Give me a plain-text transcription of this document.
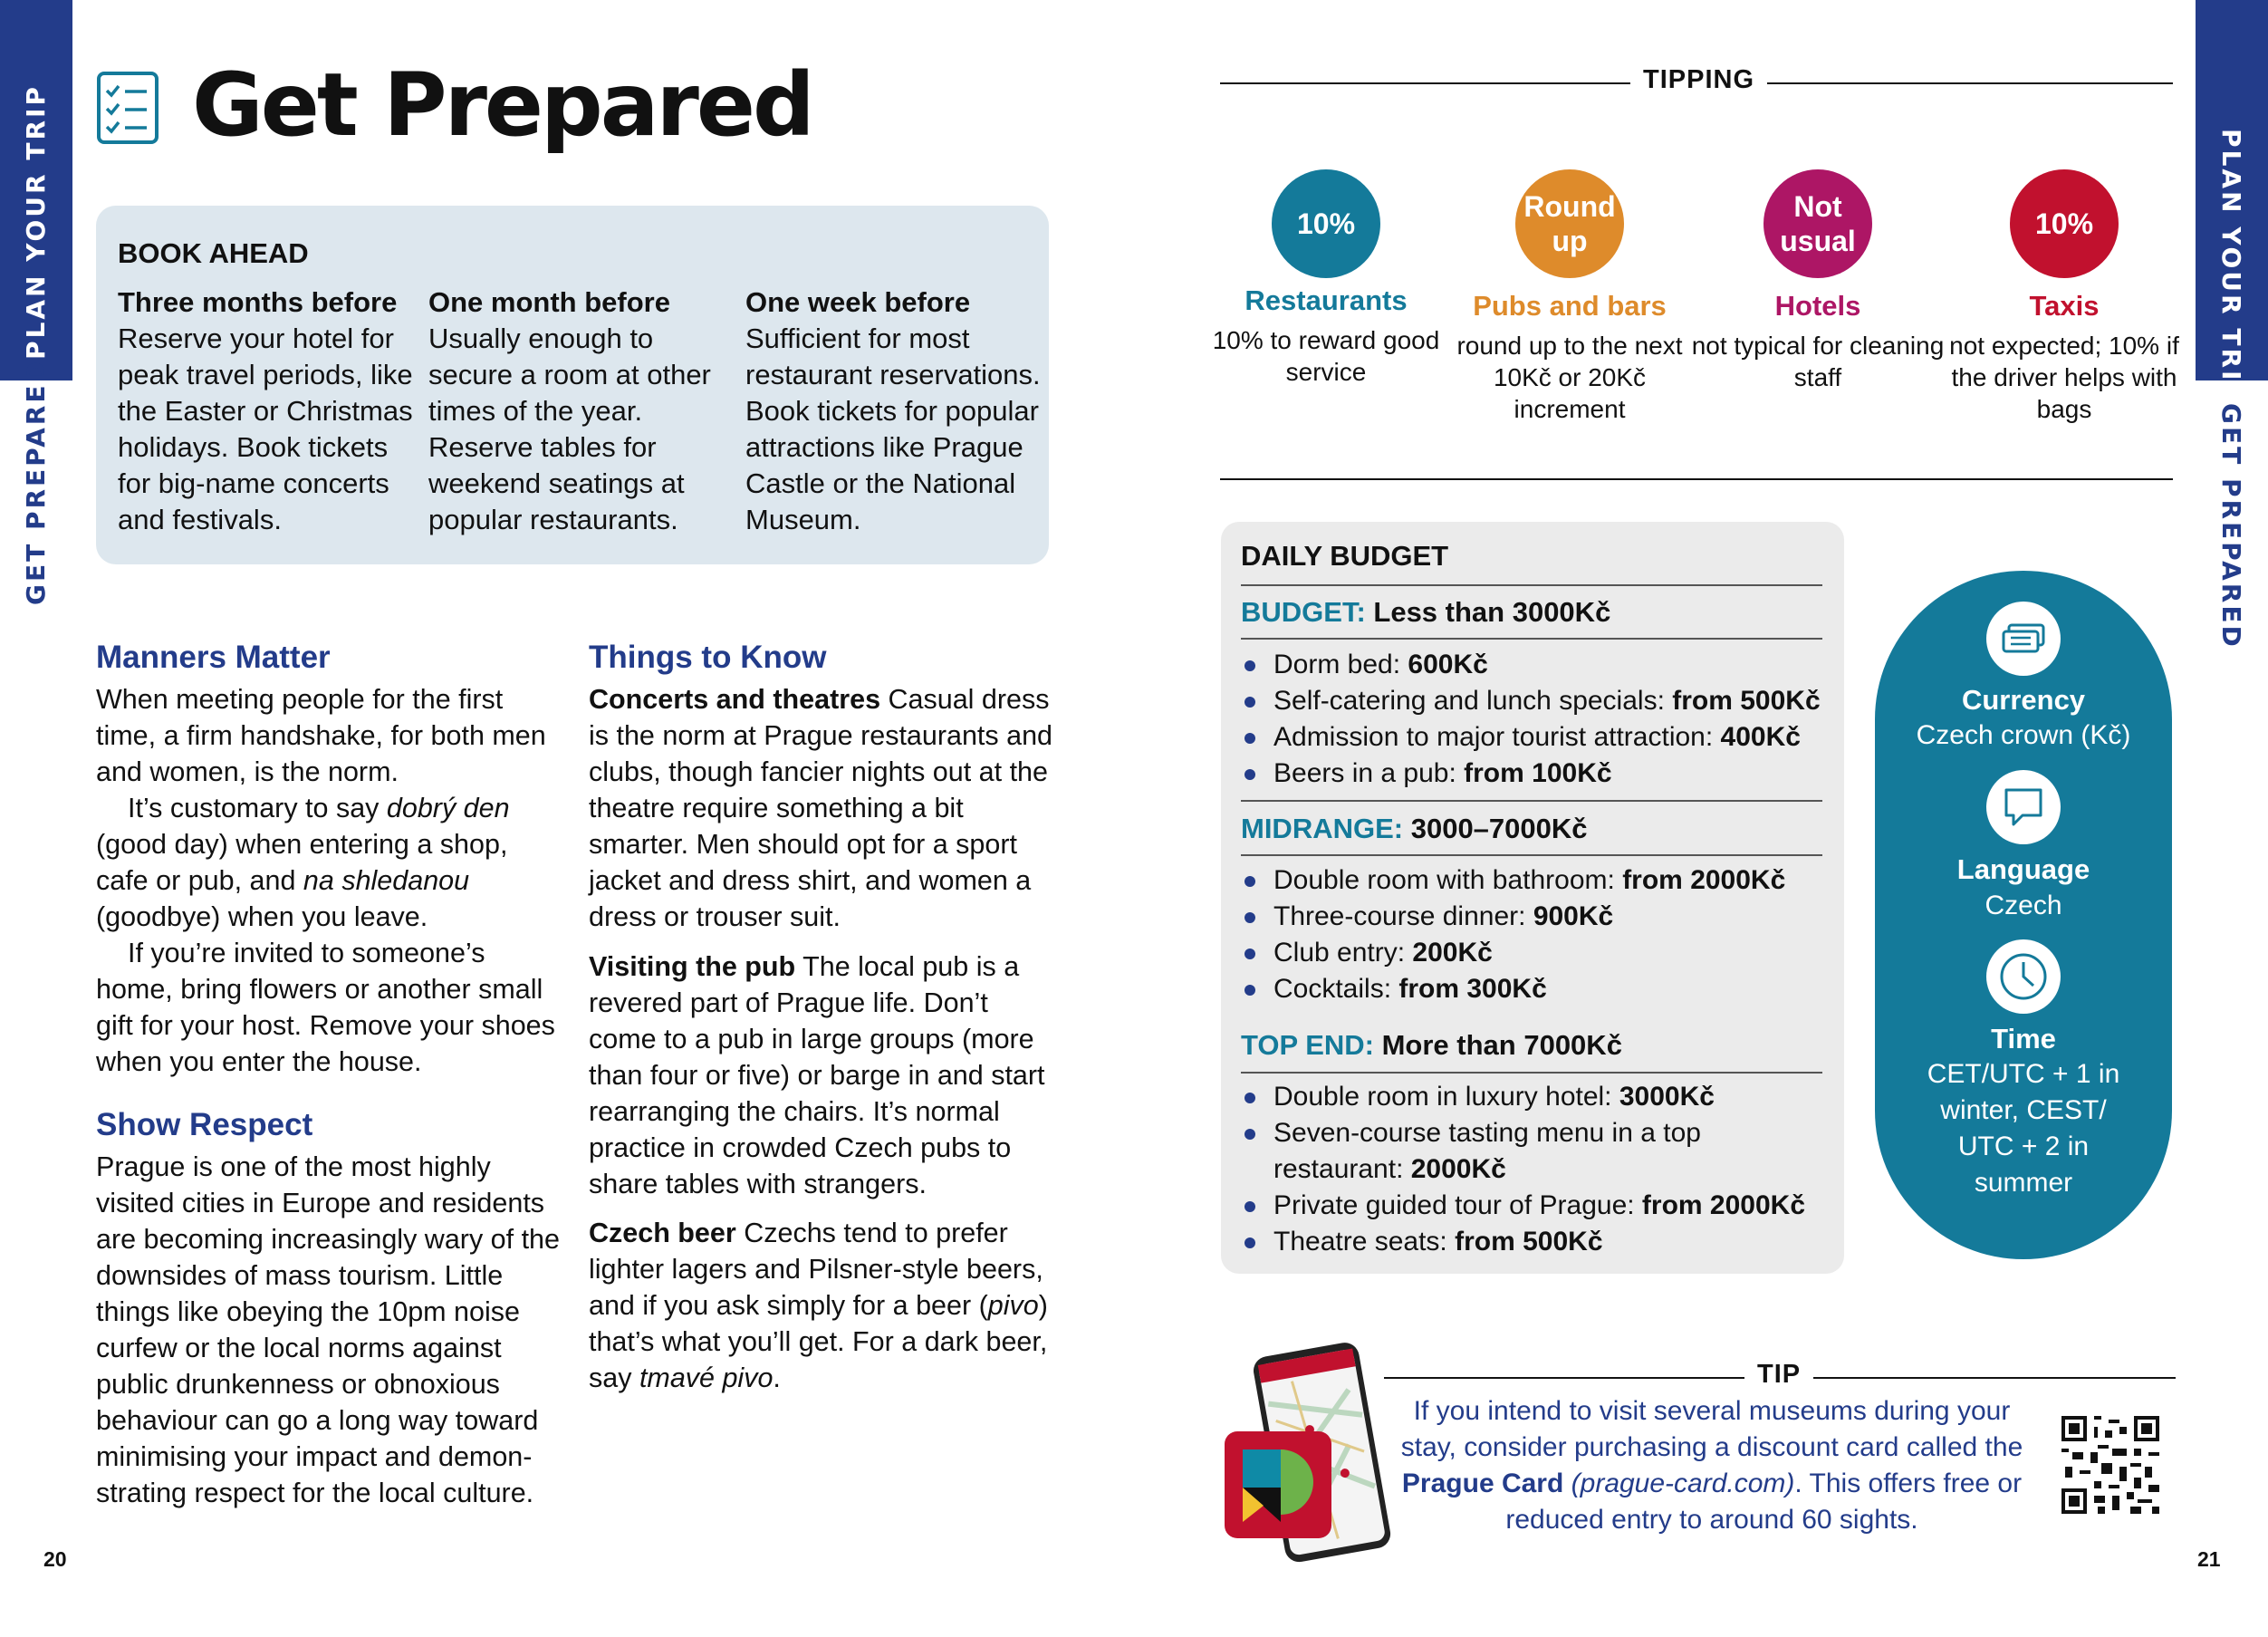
PLAN YOUR TRIP
GET PREPARED
PLAN YOUR TRIP
GET PREPARED
20	21
Get Prepared
BOOK AHEAD
Three months before
Reserve your hotel for
peak travel periods, like
the Easter or Christmas
holidays. Book tickets
for big-name concerts
and festivals.
One month before
Usually enough to
secure a room at other
times of the year.
Reserve tables for
weekend seatings at
popular restaurants.
One week before
Sufficient for most
restaurant reservations.
Book tickets for popular
attractions like Prague
Castle or the National
Museum.
Manners Matter
When meeting people for the first time, a firm handshake, for both men and women, is the norm.
It’s customary to say dobrý den (good day) when entering a shop, cafe or pub, and na shledanou (goodbye) when you leave.
If you’re invited to someone’s home, bring flowers or another small gift for your host. Remove your shoes when you enter the house.
Show Respect
Prague is one of the most highly visited cities in Europe and residents are becoming increasingly wary of the downsides of mass tourism. Little things like obeying the 10pm noise curfew or the local norms against public drunkenness or obnoxious behaviour can go a long way toward minimising your impact and demon-strating respect for the local culture.
Things to Know
Concerts and theatres Casual dress is the norm at Prague restaurants and clubs, though fancier nights out at the theatre require something a bit smarter. Men should opt for a sport jacket and dress shirt, and women a dress or trouser suit.
Visiting the pub The local pub is a revered part of Prague life. Don’t come to a pub in large groups (more than four or five) or barge in and start rearranging the chairs. It’s normal practice in crowded Czech pubs to share tables with strangers.
Czech beer Czechs tend to prefer lighter lagers and Pilsner-style beers, and if you ask simply for a beer (pivo) that’s what you’ll get. For a dark beer, say tmavé pivo.
TIPPING
10%
Restaurants
10% to reward good service
Round up
Pubs and bars
round up to the next 10Kč or 20Kč increment
Not usual
Hotels
not typical for cleaning staff
10%
Taxis
not expected; 10% if the driver helps with bags
DAILY BUDGET
BUDGET: Less than 3000Kč
Dorm bed: 600Kč
Self-catering and lunch specials: from 500Kč
Admission to major tourist attraction: 400Kč
Beers in a pub: from 100Kč
MIDRANGE: 3000–7000Kč
Double room with bathroom: from 2000Kč
Three-course dinner: 900Kč
Club entry: 200Kč
Cocktails: from 300Kč
TOP END: More than 7000Kč
Double room in luxury hotel: 3000Kč
Seven-course tasting menu in a top restaurant: 2000Kč
Private guided tour of Prague: from 2000Kč
Theatre seats: from 500Kč
Currency
Czech crown (Kč)
Language
Czech
Time
CET/UTC + 1 in winter, CEST/ UTC + 2 in summer
TIP
If you intend to visit several museums during your stay, consider purchasing a discount card called the Prague Card (prague-card.com). This offers free or reduced entry to around 60 sights.
